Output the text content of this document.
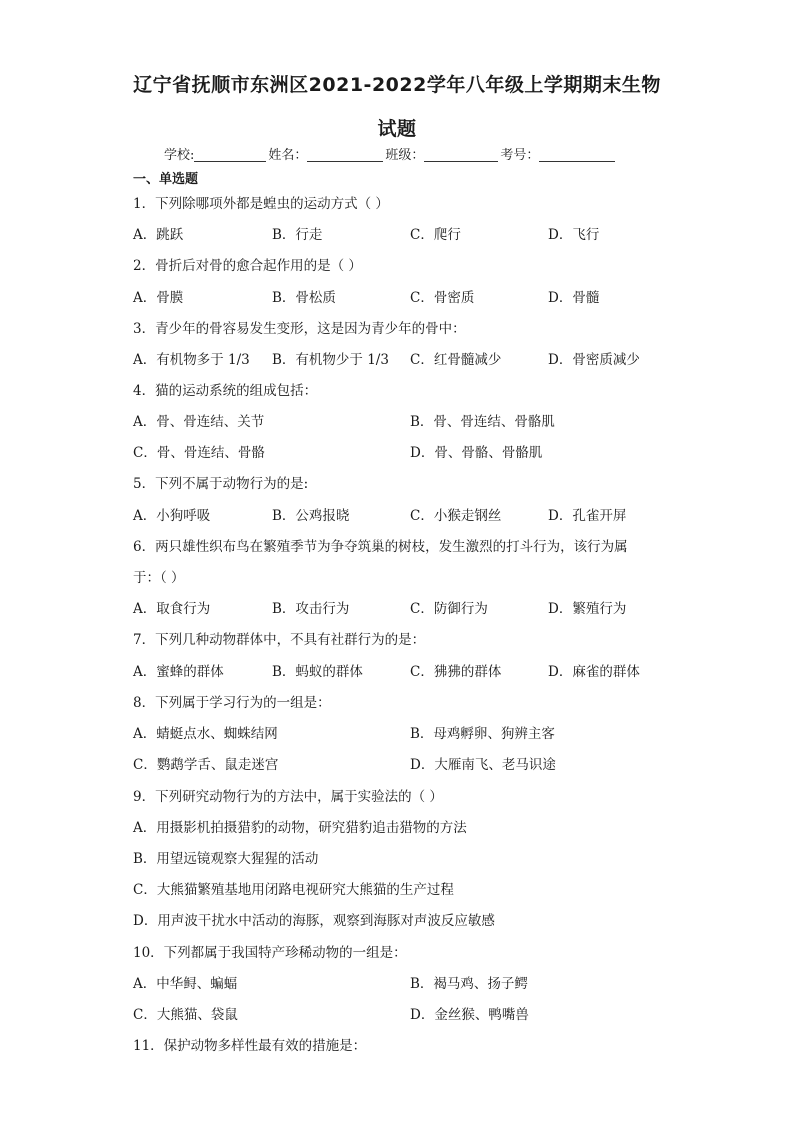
辽宁省抚顺市东洲区2021-2022学年八年级上学期期末生物
试题
学校:	姓名：	班级：	考号：
一、单选题
1．下列除哪项外都是蝗虫的运动方式（ ）
A．跳跃	B．行走	C．爬行	D．飞行
2．骨折后对骨的愈合起作用的是（ ）
A．骨膜	B．骨松质	C．骨密质	D．骨髓
3．青少年的骨容易发生变形，这是因为青少年的骨中：
A．有机物多于 1/3 B．有机物少于 1/3 C．红骨髓减少	D．骨密质减少
4．猫的运动系统的组成包括：
A．骨、骨连结、关节	B．骨、骨连结、骨骼肌
C．骨、骨连结、骨骼	D．骨、骨骼、骨骼肌
5．下列不属于动物行为的是:
A．小狗呼吸	B．公鸡报晓	C．小猴走钢丝	D．孔雀开屏
6．两只雄性织布鸟在繁殖季节为争夺筑巢的树枝，发生激烈的打斗行为，该行为属
于：（ ）
A．取食行为	B．攻击行为	C．防御行为	D．繁殖行为
7．下列几种动物群体中，不具有社群行为的是：
A．蜜蜂的群体	B．蚂蚁的群体	C．狒狒的群体	D．麻雀的群体
8．下列属于学习行为的一组是：
A．蜻蜓点水、蜘蛛结网	B．母鸡孵卵、狗辨主客
C．鹦鹉学舌、鼠走迷宫	D．大雁南飞、老马识途
9．下列研究动物行为的方法中，属于实验法的（ ）
A．用摄影机拍摄猎豹的动物，研究猎豹追击猎物的方法
B．用望远镜观察大猩猩的活动
C．大熊猫繁殖基地用闭路电视研究大熊猫的生产过程
D．用声波干扰水中活动的海豚，观察到海豚对声波反应敏感
10．下列都属于我国特产珍稀动物的一组是：
A．中华鲟、蝙蝠	B．褐马鸡、扬子鳄
C．大熊猫、袋鼠	D．金丝猴、鸭嘴兽
11．保护动物多样性最有效的措施是：
